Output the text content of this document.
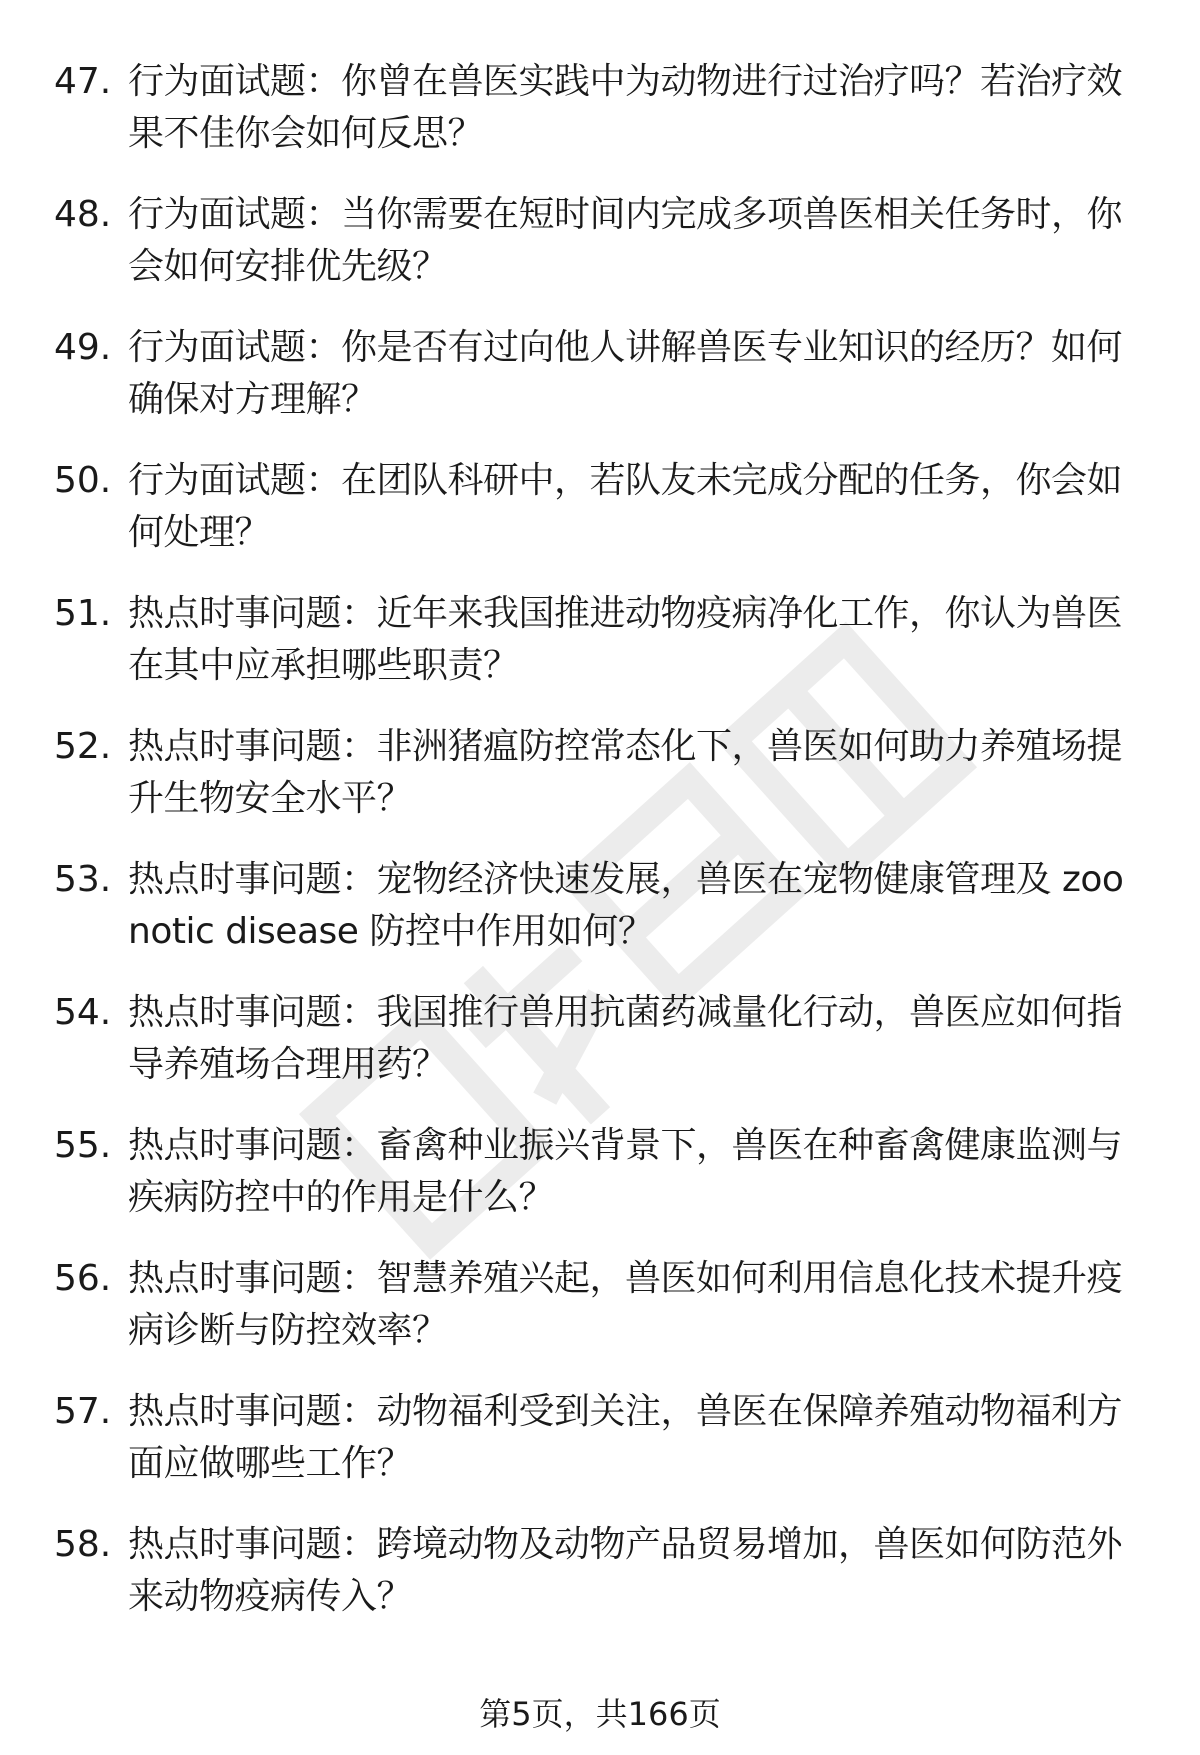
47. 行为面试题：你曾在兽医实践中为动物进行过治疗吗？若治疗效果不佳你会如何反思？
48. 行为面试题：当你需要在短时间内完成多项兽医相关任务时，你会如何安排优先级？
49. 行为面试题：你是否有过向他人讲解兽医专业知识的经历？如何确保对方理解？
50. 行为面试题：在团队科研中，若队友未完成分配的任务，你会如何处理？
51. 热点时事问题：近年来我国推进动物疫病净化工作，你认为兽医在其中应承担哪些职责？
52. 热点时事问题：非洲猪瘟防控常态化下，兽医如何助力养殖场提升生物安全水平？
53. 热点时事问题：宠物经济快速发展，兽医在宠物健康管理及 zoonotic disease 防控中作用如何？
54. 热点时事问题：我国推行兽用抗菌药减量化行动，兽医应如何指导养殖场合理用药？
55. 热点时事问题：畜禽种业振兴背景下，兽医在种畜禽健康监测与疾病防控中的作用是什么？
56. 热点时事问题：智慧养殖兴起，兽医如何利用信息化技术提升疫病诊断与防控效率？
57. 热点时事问题：动物福利受到关注，兽医在保障养殖动物福利方面应做哪些工作？
58. 热点时事问题：跨境动物及动物产品贸易增加，兽医如何防范外来动物疫病传入？
第5页，共166页
